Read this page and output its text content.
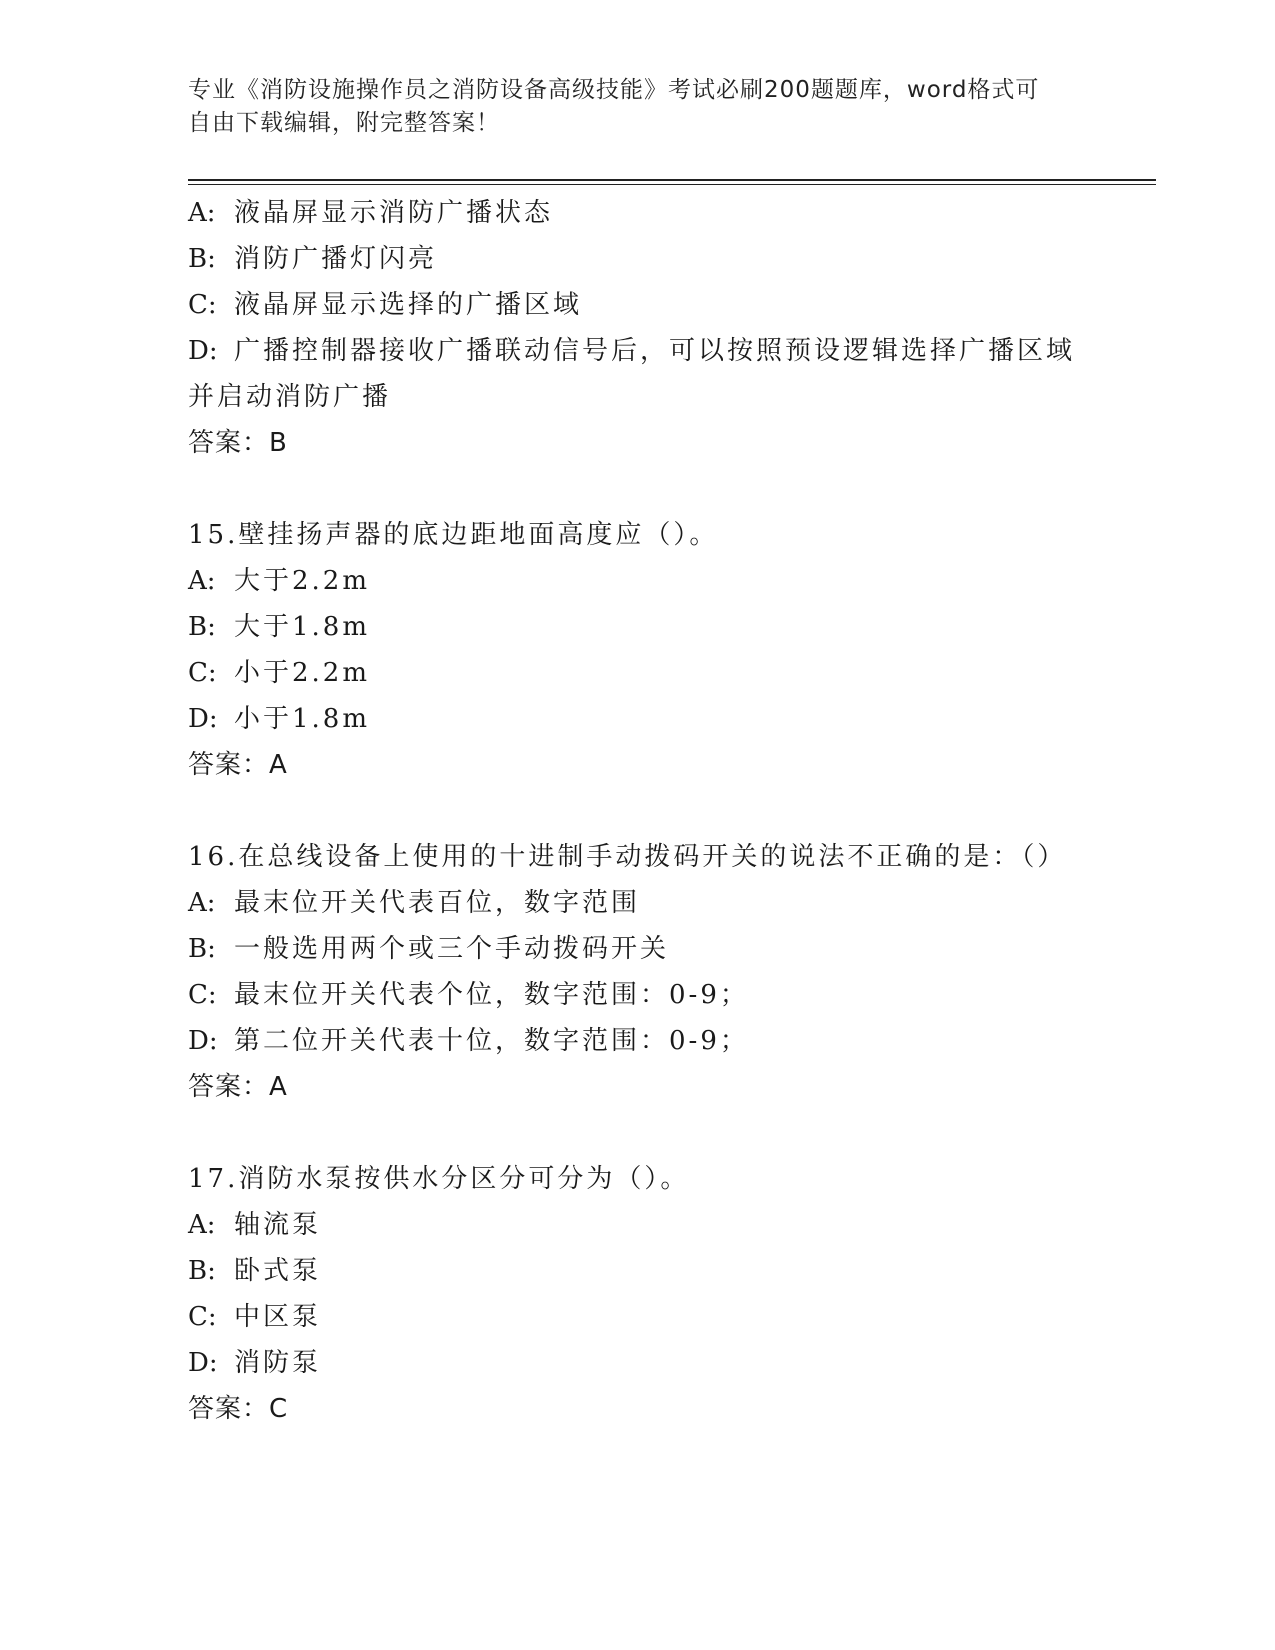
专业《消防设施操作员之消防设备高级技能》考试必刷200题题库，word格式可
自由下载编辑，附完整答案！
A: 液晶屏显示消防广播状态
B: 消防广播灯闪亮
C: 液晶屏显示选择的广播区域
D: 广播控制器接收广播联动信号后，可以按照预设逻辑选择广播区域
并启动消防广播
答案：B
15.壁挂扬声器的底边距地面高度应（）。
A: 大于2.2m
B: 大于1.8m
C: 小于2.2m
D: 小于1.8m
答案：A
16.在总线设备上使用的十进制手动拨码开关的说法不正确的是：（）
A: 最末位开关代表百位，数字范围
B: 一般选用两个或三个手动拨码开关
C: 最末位开关代表个位，数字范围：0-9；
D: 第二位开关代表十位，数字范围：0-9；
答案：A
17.消防水泵按供水分区分可分为（）。
A: 轴流泵
B: 卧式泵
C: 中区泵
D: 消防泵
答案：C
